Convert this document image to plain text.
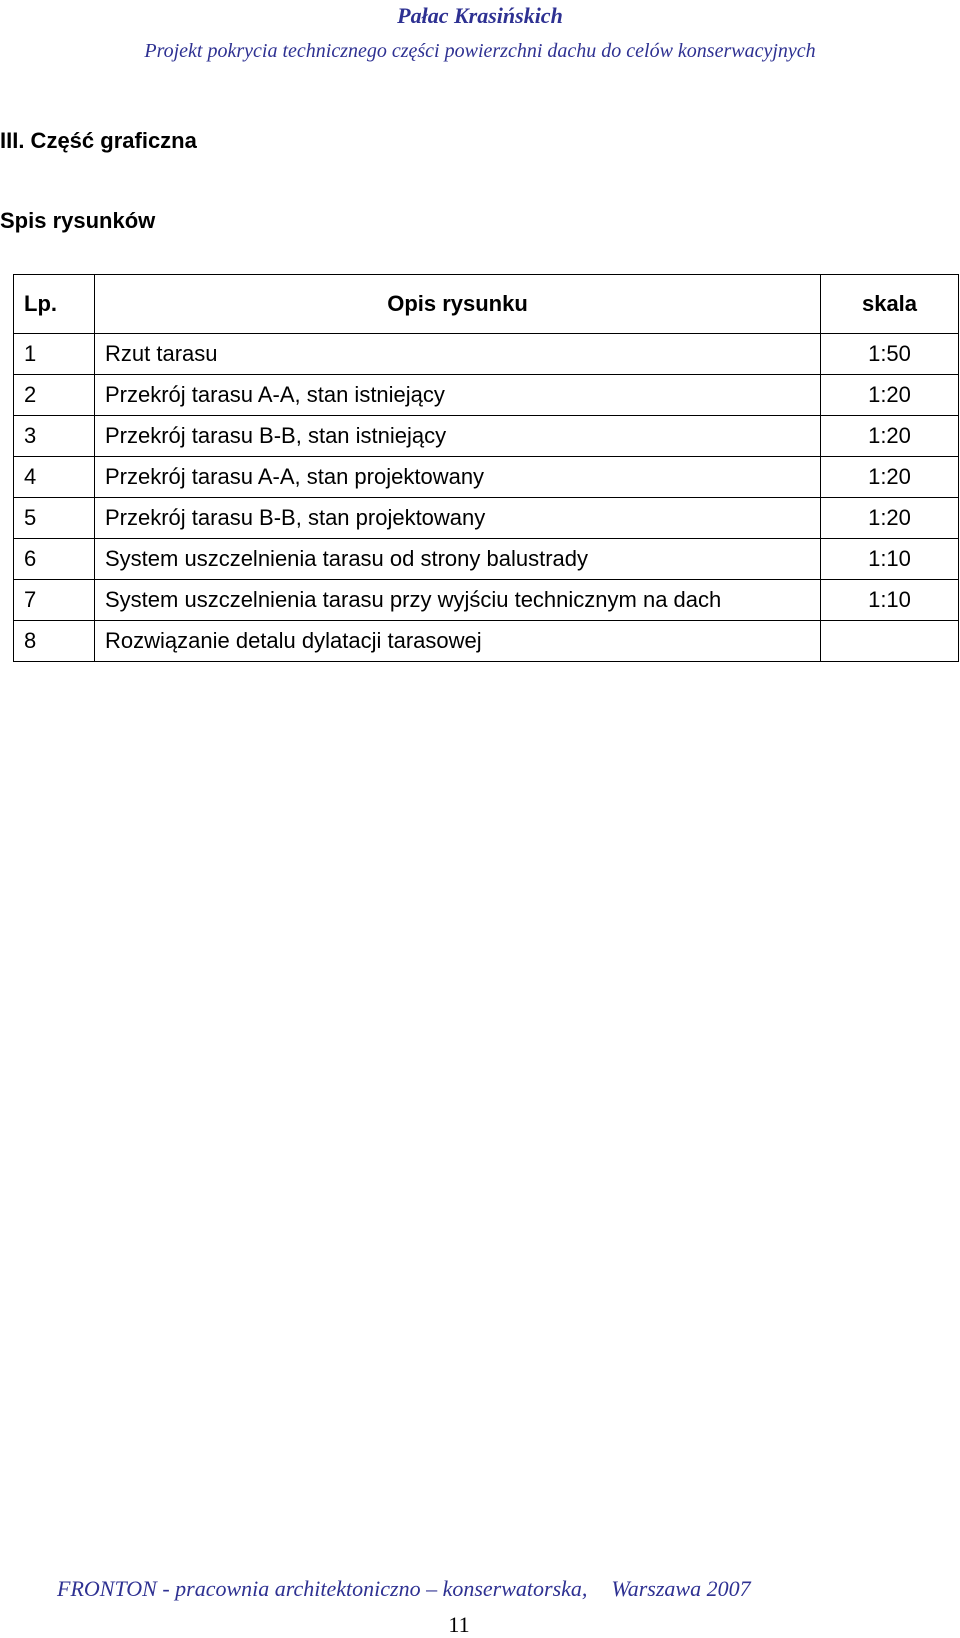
Pałac Krasińskich
Projekt pokrycia technicznego części powierzchni dachu do celów konserwacyjnych
III. Część graficzna
Spis rysunków
Lp.	Opis rysunku	skala
1	Rzut tarasu	1:50
2	Przekrój tarasu A-A, stan istniejący	1:20
3	Przekrój tarasu B-B, stan istniejący	1:20
4	Przekrój tarasu A-A, stan projektowany	1:20
5	Przekrój tarasu B-B, stan projektowany	1:20
6	System uszczelnienia tarasu od strony balustrady	1:10
7	System uszczelnienia tarasu przy wyjściu technicznym na dach	1:10
8	Rozwiązanie detalu dylatacji tarasowej	
FRONTON - pracownia architektoniczno – konserwatorska, Warszawa 2007
11
